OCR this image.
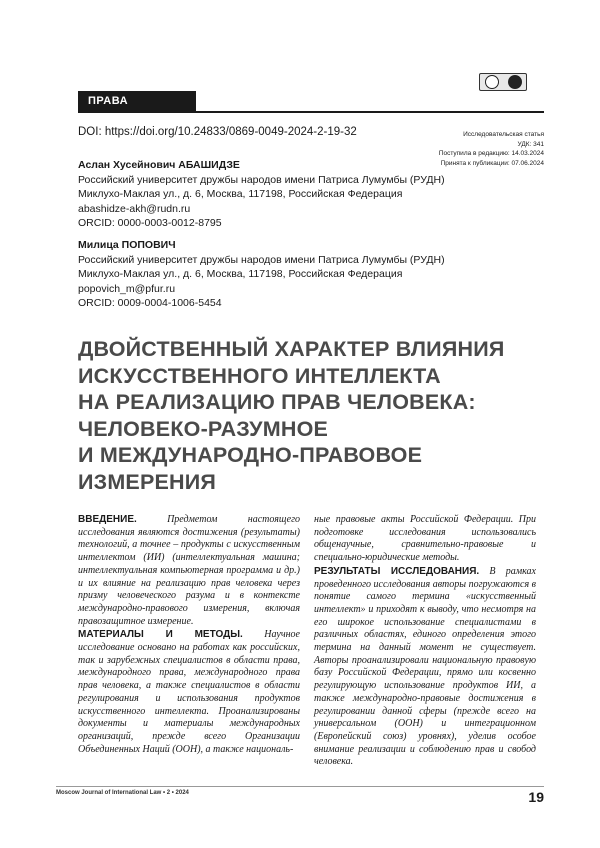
ПРАВА ЧЕЛОВЕКА
DOI: https://doi.org/10.24833/0869-0049-2024-2-19-32	Исследовательская статья
УДК: 341
Поступила в редакцию: 14.03.2024
Принята к публикации: 07.06.2024
Аслан Хусейнович АБАШИДЗЕ
Российский университет дружбы народов имени Патриса Лумумбы (РУДН)
Миклухо-Маклая ул., д. 6, Москва, 117198, Российская Федерация
abashidze-akh@rudn.ru
ORCID: 0000-0003-0012-8795
Милица ПОПОВИЧ
Российский университет дружбы народов имени Патриса Лумумбы (РУДН)
Миклухо-Маклая ул., д. 6, Москва, 117198, Российская Федерация
popovich_m@pfur.ru
ORCID: 0009-0004-1006-5454
ДВОЙСТВЕННЫЙ ХАРАКТЕР ВЛИЯНИЯ
ИСКУССТВЕННОГО ИНТЕЛЛЕКТА
НА РЕАЛИЗАЦИЮ ПРАВ ЧЕЛОВЕКА:
ЧЕЛОВЕКО-РАЗУМНОЕ
И МЕЖДУНАРОДНО-ПРАВОВОЕ
ИЗМЕРЕНИЯ

ВВЕДЕНИЕ.	Предметом настоящего исследования являются достижения (результаты) технологий, а точнее – продукты с искусственным интеллектом (ИИ) (интеллектуальная машина; интеллектуальная компьютерная программа и др.) и их влияние на реализацию прав человека через призму человеческого разума и в контексте международно-правового измерения, включая правозащитное измерение.

МАТЕРИАЛЫ И МЕТОДЫ. Научное исследование основано на работах как российских, так и зарубежных специалистов в области права, международного права, международного права прав человека, а также специалистов в области регулирования и использования продуктов искусственного интеллекта. Проанализированы документы и материалы международных организаций, прежде всего Организации Объединенных Наций (ООН), а также националь-

ные правовые акты Российской Федерации. При подготовке исследования использовались общенаучные, сравнительно-правовые и специально-юридические методы.

РЕЗУЛЬТАТЫ ИССЛЕДОВАНИЯ. В рамках проведенного исследования авторы погружаются в понятие самого термина «искусственный интеллект» и приходят к выводу, что несмотря на его широкое использование специалистами в различных областях, единого определения этого термина на данный момент не существует. Авторы проанализировали национальную правовую базу Российской Федерации, прямо или косвенно регулирующую использование продуктов ИИ, а также международно-правовые достижения в регулировании данной сферы (прежде всего на универсальном (ООН) и интеграционном (Европейский союз) уровнях), уделив особое внимание реализации и соблюдению прав и свобод человека.

Moscow Journal of International Law • 2 • 2024	19
